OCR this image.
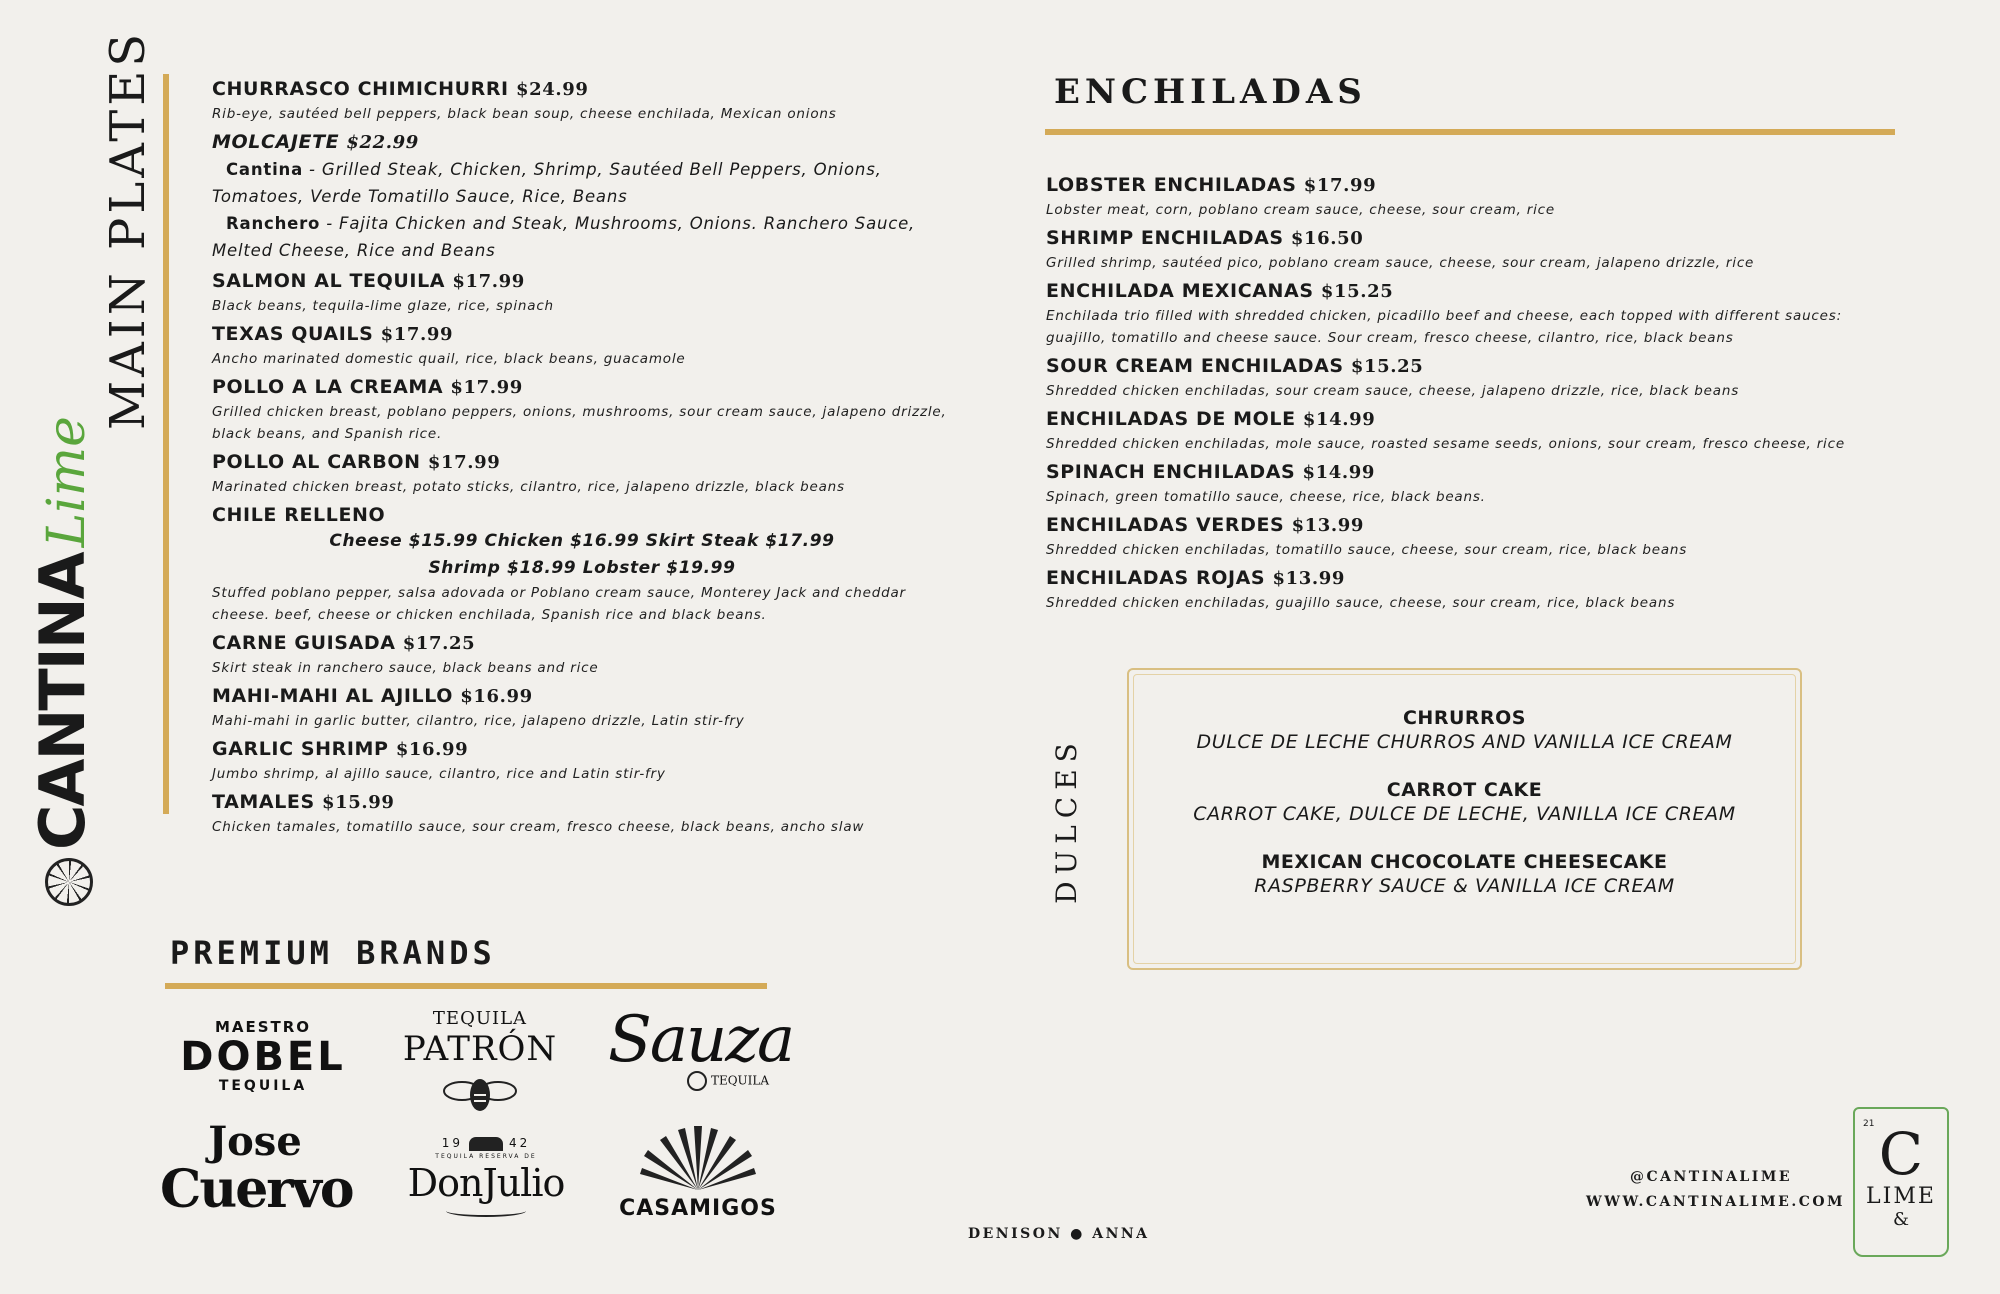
MAIN PLATES
CANTINALime
CHURRASCO CHIMICHURRI $24.99
Rib-eye, sautéed bell peppers, black bean soup, cheese enchilada, Mexican onions
MOLCAJETE $22.99
Cantina - Grilled Steak, Chicken, Shrimp, Sautéed Bell Peppers, Onions, Tomatoes, Verde Tomatillo Sauce, Rice, Beans
Ranchero - Fajita Chicken and Steak, Mushrooms, Onions. Ranchero Sauce, Melted Cheese, Rice and Beans
SALMON AL TEQUILA $17.99
Black beans, tequila-lime glaze, rice, spinach
TEXAS QUAILS $17.99
Ancho marinated domestic quail, rice, black beans, guacamole
POLLO A LA CREAMA $17.99
Grilled chicken breast, poblano peppers, onions, mushrooms, sour cream sauce, jalapeno drizzle, black beans, and Spanish rice.
POLLO AL CARBON $17.99
Marinated chicken breast, potato sticks, cilantro, rice, jalapeno drizzle, black beans
CHILE RELLENO
Cheese $15.99 Chicken $16.99 Skirt Steak $17.99
Shrimp $18.99 Lobster $19.99
Stuffed poblano pepper, salsa adovada or Poblano cream sauce, Monterey Jack and cheddar cheese. beef, cheese or chicken enchilada, Spanish rice and black beans.
CARNE GUISADA $17.25
Skirt steak in ranchero sauce, black beans and rice
MAHI-MAHI AL AJILLO $16.99
Mahi-mahi in garlic butter, cilantro, rice, jalapeno drizzle, Latin stir-fry
GARLIC SHRIMP $16.99
Jumbo shrimp, al ajillo sauce, cilantro, rice and Latin stir-fry
TAMALES $15.99
Chicken tamales, tomatillo sauce, sour cream, fresco cheese, black beans, ancho slaw
ENCHILADAS
LOBSTER ENCHILADAS $17.99
Lobster meat, corn, poblano cream sauce, cheese, sour cream, rice
SHRIMP ENCHILADAS $16.50
Grilled shrimp, sautéed pico, poblano cream sauce, cheese, sour cream, jalapeno drizzle, rice
ENCHILADA MEXICANAS $15.25
Enchilada trio filled with shredded chicken, picadillo beef and cheese, each topped with different sauces: guajillo, tomatillo and cheese sauce. Sour cream, fresco cheese, cilantro, rice, black beans
SOUR CREAM ENCHILADAS $15.25
Shredded chicken enchiladas, sour cream sauce, cheese, jalapeno drizzle, rice, black beans
ENCHILADAS DE MOLE $14.99
Shredded chicken enchiladas, mole sauce, roasted sesame seeds, onions, sour cream, fresco cheese, rice
SPINACH ENCHILADAS $14.99
Spinach, green tomatillo sauce, cheese, rice, black beans.
ENCHILADAS VERDES $13.99
Shredded chicken enchiladas, tomatillo sauce, cheese, sour cream, rice, black beans
ENCHILADAS ROJAS $13.99
Shredded chicken enchiladas, guajillo sauce, cheese, sour cream, rice, black beans
DULCES
CHRURROS
DULCE DE LECHE CHURROS AND VANILLA ICE CREAM
CARROT CAKE
CARROT CAKE, DULCE DE LECHE, VANILLA ICE CREAM
MEXICAN CHCOCOLATE CHEESECAKE
RASPBERRY SAUCE & VANILLA ICE CREAM
PREMIUM BRANDS
MAESTRO
DOBEL
TEQUILA
TEQUILA
PATRÓN Sauza
TEQUILA
Jose
Cuervo
19	42
TEQUILA RESERVA DE
DonJulio
CASAMIGOS
DENISON ● ANNA
@CANTINALIME
WWW.CANTINALIME.COM
21 C
LIME
&
